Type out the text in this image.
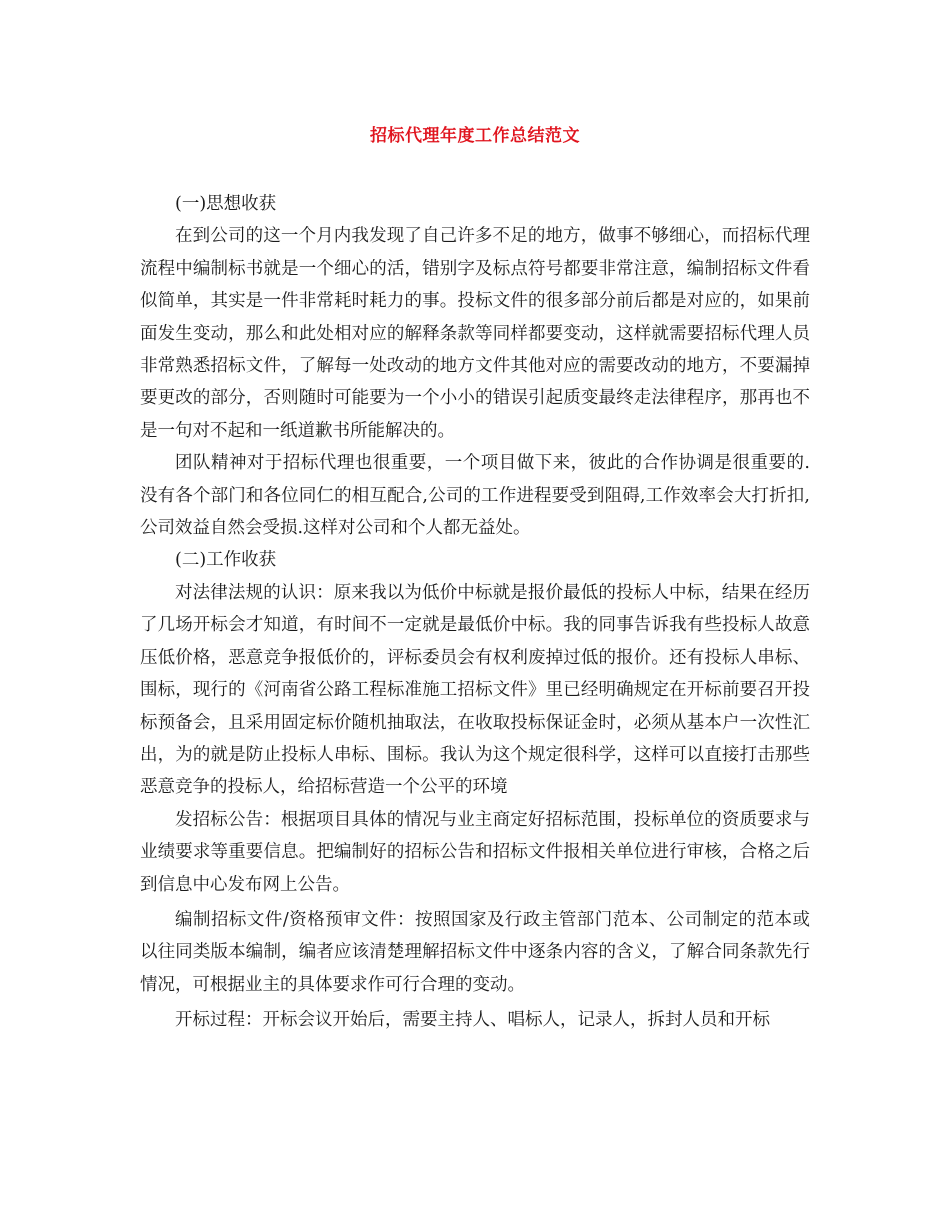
招标代理年度工作总结范文

(一)思想收获

在到公司的这一个月内我发现了自己许多不足的地方，做事不够细心，而招标代理流程中编制标书就是一个细心的活，错别字及标点符号都要非常注意，编制招标文件看似简单，其实是一件非常耗时耗力的事。投标文件的很多部分前后都是对应的，如果前面发生变动，那么和此处相对应的解释条款等同样都要变动，这样就需要招标代理人员非常熟悉招标文件，了解每一处改动的地方文件其他对应的需要改动的地方，不要漏掉要更改的部分，否则随时可能要为一个小小的错误引起质变最终走法律程序，那再也不是一句对不起和一纸道歉书所能解决的。

团队精神对于招标代理也很重要，一个项目做下来，彼此的合作协调是很重要的.没有各个部门和各位同仁的相互配合,公司的工作进程要受到阻碍,工作效率会大打折扣,公司效益自然会受损.这样对公司和个人都无益处。

(二)工作收获

对法律法规的认识：原来我以为低价中标就是报价最低的投标人中标，结果在经历了几场开标会才知道，有时间不一定就是最低价中标。我的同事告诉我有些投标人故意压低价格，恶意竞争报低价的，评标委员会有权利废掉过低的报价。还有投标人串标、围标，现行的《河南省公路工程标准施工招标文件》里已经明确规定在开标前要召开投标预备会，且采用固定标价随机抽取法，在收取投标保证金时，必须从基本户一次性汇出，为的就是防止投标人串标、围标。我认为这个规定很科学，这样可以直接打击那些恶意竞争的投标人，给招标营造一个公平的环境

发招标公告：根据项目具体的情况与业主商定好招标范围，投标单位的资质要求与业绩要求等重要信息。把编制好的招标公告和招标文件报相关单位进行审核，合格之后到信息中心发布网上公告。

编制招标文件/资格预审文件：按照国家及行政主管部门范本、公司制定的范本或以往同类版本编制，编者应该清楚理解招标文件中逐条内容的含义，了解合同条款先行情况，可根据业主的具体要求作可行合理的变动。

开标过程：开标会议开始后，需要主持人、唱标人，记录人，拆封人员和开标
